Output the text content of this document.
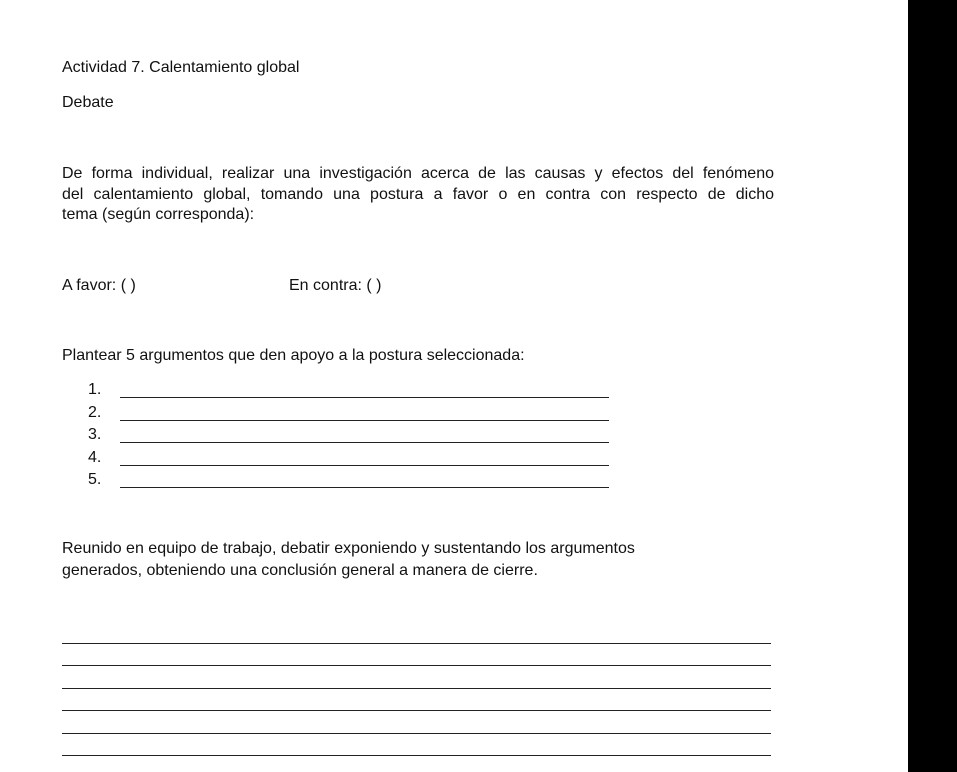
Actividad 7. Calentamiento global
Debate
De forma individual, realizar una investigación acerca de las causas y efectos del fenómeno
del calentamiento global, tomando una postura a favor o en contra con respecto de dicho
tema (según corresponda):
A favor: ( )	En contra: ( )
Plantear 5 argumentos que den apoyo a la postura seleccionada:
1.
2.
3.
4.
5.
Reunido en equipo de trabajo, debatir exponiendo y sustentando los argumentos
generados, obteniendo una conclusión general a manera de cierre.
